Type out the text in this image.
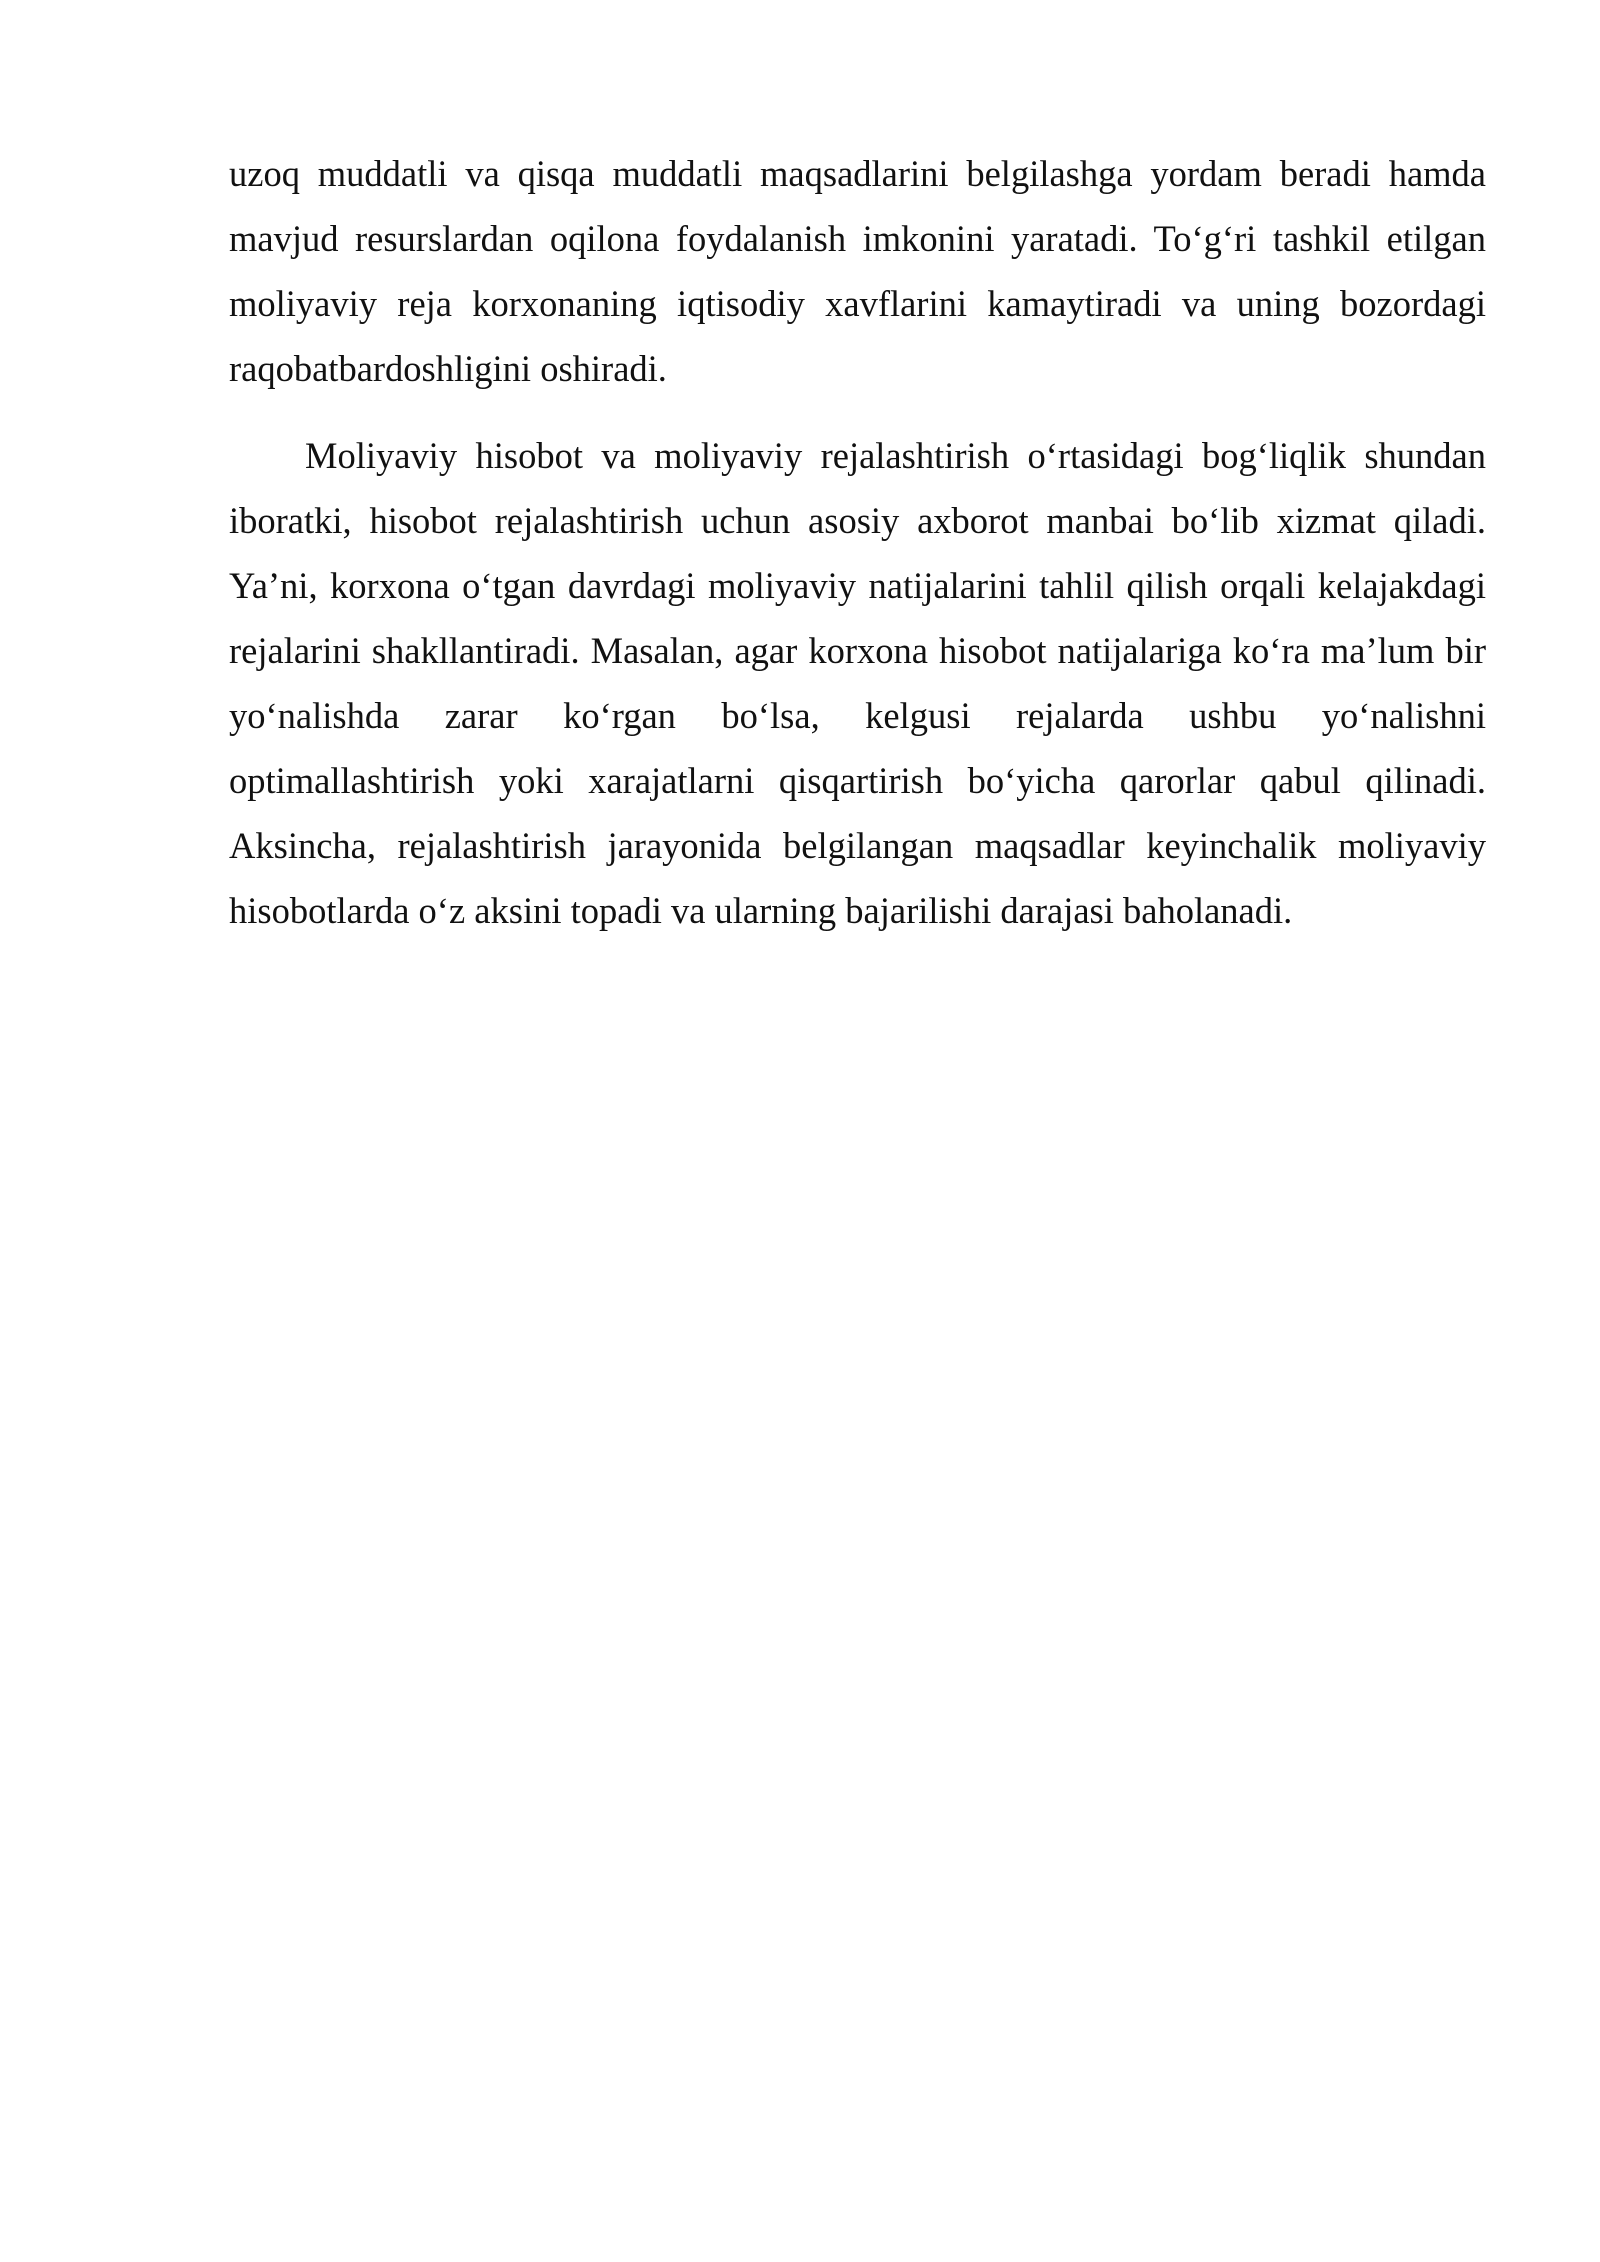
uzoq muddatli va qisqa muddatli maqsadlarini belgilashga yordam beradi hamda mavjud resurslardan oqilona foydalanish imkonini yaratadi. To‘g‘ri tashkil etilgan moliyaviy reja korxonaning iqtisodiy xavflarini kamaytiradi va uning bozordagi raqobatbardoshligini oshiradi.

Moliyaviy hisobot va moliyaviy rejalashtirish o‘rtasidagi bog‘liqlik shundan iboratki, hisobot rejalashtirish uchun asosiy axborot manbai bo‘lib xizmat qiladi. Ya’ni, korxona o‘tgan davrdagi moliyaviy natijalarini tahlil qilish orqali kelajakdagi rejalarini shakllantiradi. Masalan, agar korxona hisobot natijalariga ko‘ra ma’lum bir yo‘nalishda zarar ko‘rgan bo‘lsa, kelgusi rejalarda ushbu yo‘nalishni optimallashtirish yoki xarajatlarni qisqartirish bo‘yicha qarorlar qabul qilinadi. Aksincha, rejalashtirish jarayonida belgilangan maqsadlar keyinchalik moliyaviy hisobotlarda o‘z aksini topadi va ularning bajarilishi darajasi baholanadi.
